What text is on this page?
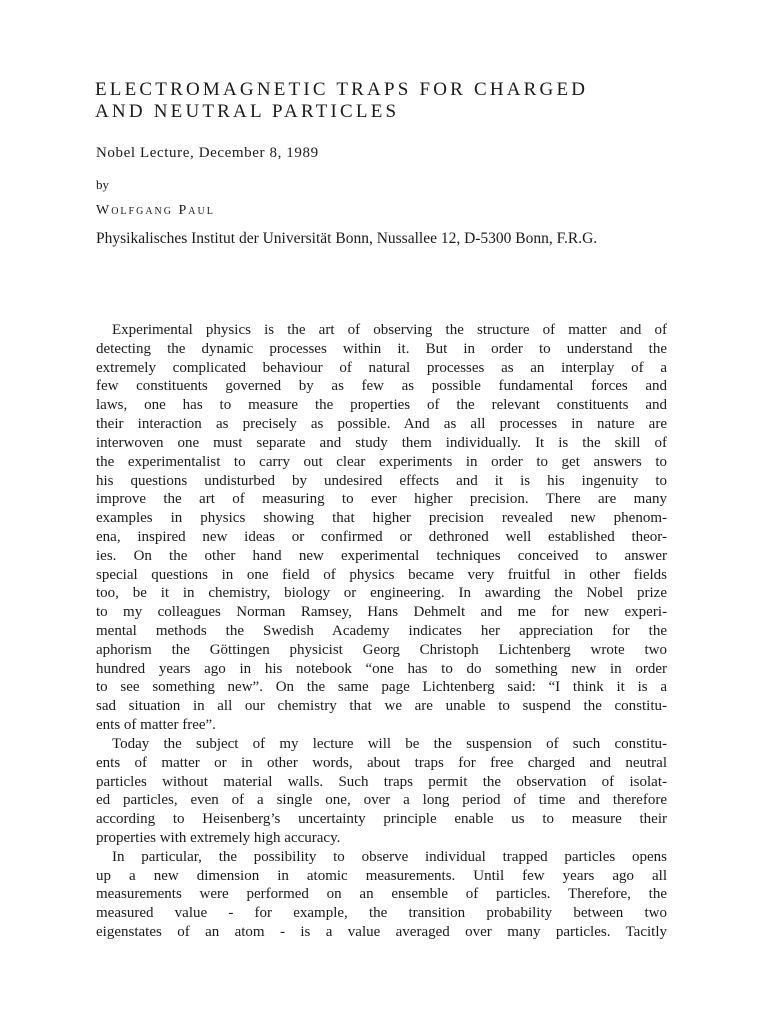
ELECTROMAGNETIC TRAPS FOR CHARGED
AND NEUTRAL PARTICLES
Nobel Lecture, December 8, 1989
by
Wolfgang Paul
Physikalisches Institut der Universität Bonn, Nussallee 12, D-5300 Bonn, F.R.G.
Experimental physics is the art of observing the structure of matter and of
detecting the dynamic processes within it. But in order to understand the
extremely complicated behaviour of natural processes as an interplay of a
few constituents governed by as few as possible fundamental forces and
laws, one has to measure the properties of the relevant constituents and
their interaction as precisely as possible. And as all processes in nature are
interwoven one must separate and study them individually. It is the skill of
the experimentalist to carry out clear experiments in order to get answers to
his questions undisturbed by undesired effects and it is his ingenuity to
improve the art of measuring to ever higher precision. There are many
examples in physics showing that higher precision revealed new phenom-
ena, inspired new ideas or confirmed or dethroned well established theor-
ies. On the other hand new experimental techniques conceived to answer
special questions in one field of physics became very fruitful in other fields
too, be it in chemistry, biology or engineering. In awarding the Nobel prize
to my colleagues Norman Ramsey, Hans Dehmelt and me for new experi-
mental methods the Swedish Academy indicates her appreciation for the
aphorism the Göttingen physicist Georg Christoph Lichtenberg wrote two
hundred years ago in his notebook “one has to do something new in order
to see something new”. On the same page Lichtenberg said: “I think it is a
sad situation in all our chemistry that we are unable to suspend the constitu-
ents of matter free”.
Today the subject of my lecture will be the suspension of such constitu-
ents of matter or in other words, about traps for free charged and neutral
particles without material walls. Such traps permit the observation of isolat-
ed particles, even of a single one, over a long period of time and therefore
according to Heisenberg’s uncertainty principle enable us to measure their
properties with extremely high accuracy.
In particular, the possibility to observe individual trapped particles opens
up a new dimension in atomic measurements. Until few years ago all
measurements were performed on an ensemble of particles. Therefore, the
measured value - for example, the transition probability between two
eigenstates of an atom - is a value averaged over many particles. Tacitly
